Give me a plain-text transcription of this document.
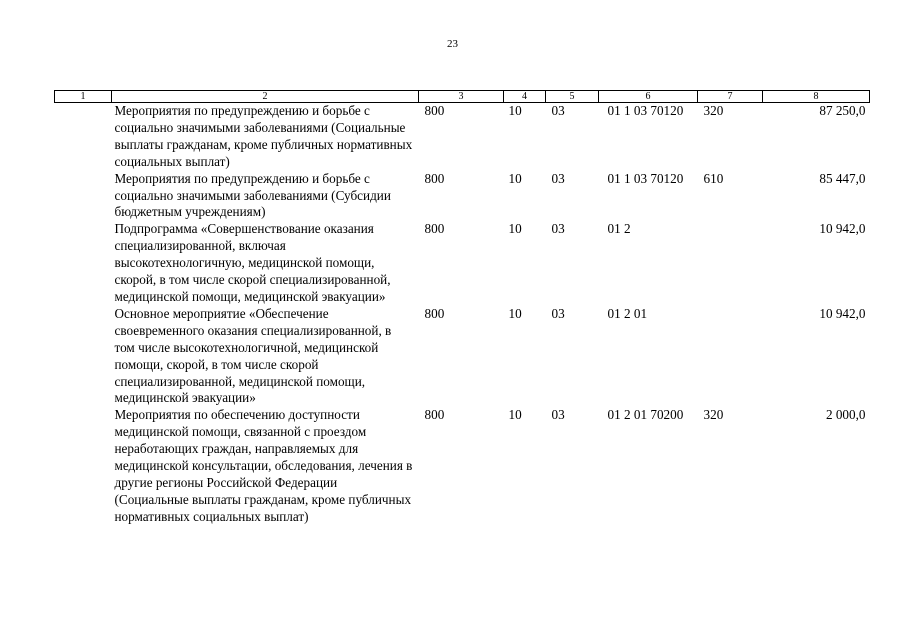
23
1	2	3	4	5	6	7	8
	Мероприятия по предупреждению и борьбе с социально значимыми заболеваниями (Социальные выплаты гражданам, кроме публичных нормативных социальных выплат)	800	10	03	01 1 03 70120	320	87 250,0
	Мероприятия по предупреждению и борьбе с социально значимыми заболеваниями (Субсидии бюджетным учреждениям)	800	10	03	01 1 03 70120	610	85 447,0
	Подпрограмма «Совершенствование оказания специализированной, включая высокотехнологичную, медицинской помощи, скорой, в том числе скорой специализированной, медицинской помощи, медицинской эвакуации»	800	10	03	01 2		10 942,0
	Основное мероприятие «Обеспечение своевременного оказания специализированной, в том числе высокотехнологичной, медицинской помощи, скорой, в том числе скорой специализированной, медицинской помощи, медицинской эвакуации»	800	10	03	01 2 01		10 942,0
	Мероприятия по обеспечению доступности медицинской помощи, связанной с проездом неработающих граждан, направляемых для медицинской консультации, обследования, лечения в другие регионы Российской Федерации (Социальные выплаты гражданам, кроме публичных нормативных социальных выплат)	800	10	03	01 2 01 70200	320	2 000,0
